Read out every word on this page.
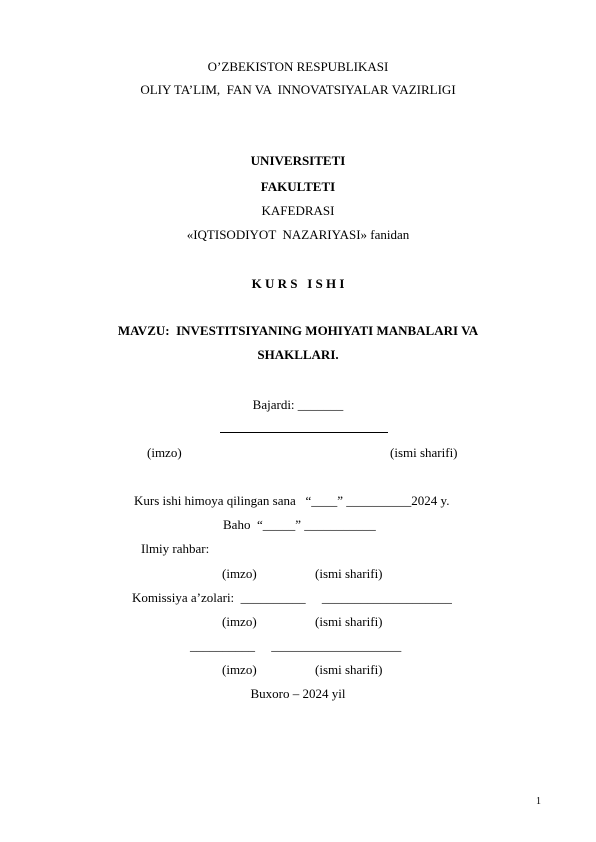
O’ZBEKISTON RESPUBLIKASI
OLIY TA’LIM,  FAN VA  INNOVATSIYALAR VAZIRLIGI
UNIVERSITETI
FAKULTETI
KAFEDRASI
«IQTISODIYOT  NAZARIYASI» fanidan
K U R S   I S H I
MAVZU:  INVESTITSIYANING MOHIYATI MANBALARI VA
SHAKLLARI.
Bajardi: _______
(imzo)	(ismi sharifi)
Kurs ishi himoya qilingan sana   “____” __________2024 y.
Baho  “_____” ___________
Ilmiy rahbar:
(imzo)	(ismi sharifi)
Komissiya a’zolari:  __________     ____________________
(imzo)	(ismi sharifi)
__________     ____________________
(imzo)	(ismi sharifi)
Buxoro – 2024 yil
1
